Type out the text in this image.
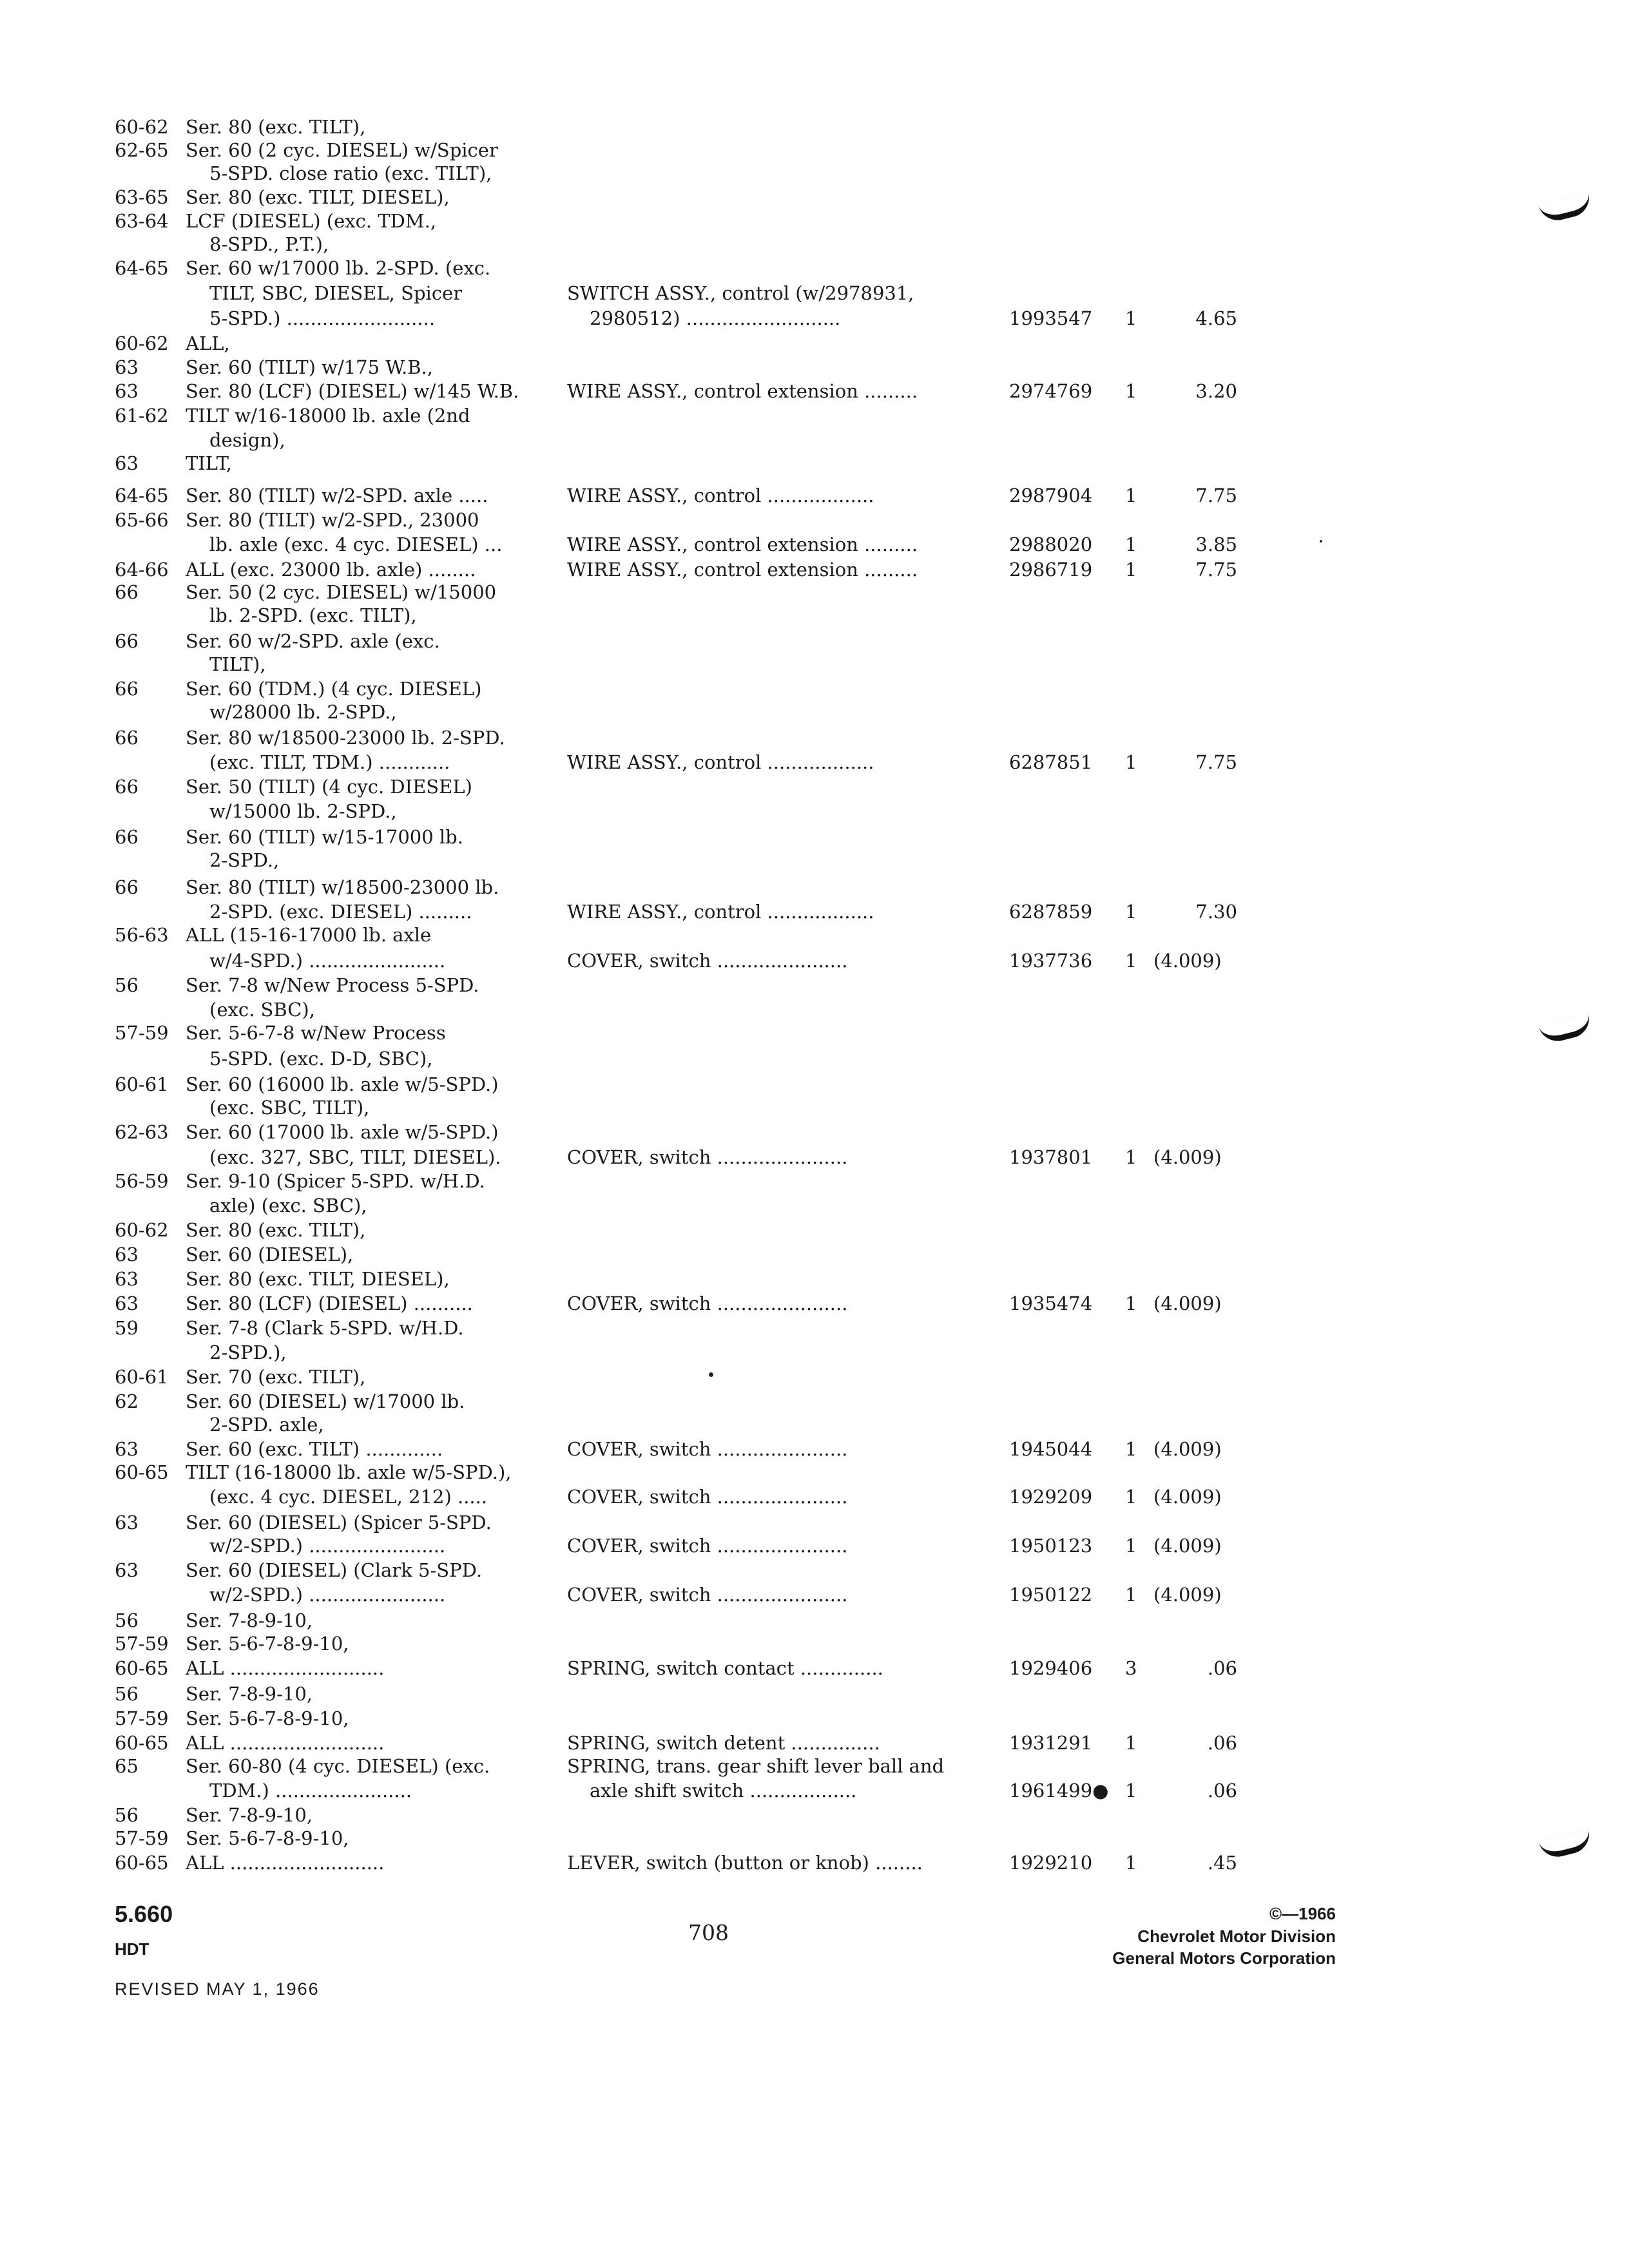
60-62 Ser. 80 (exc. TILT),
62-65 Ser. 60 (2 cyc. DIESEL) w/Spicer
5-SPD. close ratio (exc. TILT),
63-65 Ser. 80 (exc. TILT, DIESEL),
63-64 LCF (DIESEL) (exc. TDM.,
8-SPD., P.T.),
64-65 Ser. 60 w/17000 lb. 2-SPD. (exc.
TILT, SBC, DIESEL, Spicer	SWITCH ASSY., control (w/2978931,
5-SPD.) .........................	2980512) ..........................	1993547 1	4.65
60-62 ALL,
63	Ser. 60 (TILT) w/175 W.B.,
63	Ser. 80 (LCF) (DIESEL) w/145 W.B.	WIRE ASSY., control extension .........	2974769 1	3.20
61-62 TILT w/16-18000 lb. axle (2nd
design),
63	TILT,
64-65 Ser. 80 (TILT) w/2-SPD. axle .....	WIRE ASSY., control ..................	2987904 1	7.75
65-66 Ser. 80 (TILT) w/2-SPD., 23000
lb. axle (exc. 4 cyc. DIESEL) ...	WIRE ASSY., control extension .........	2988020 1	3.85
64-66 ALL (exc. 23000 lb. axle) ........	WIRE ASSY., control extension .........	2986719 1	7.75
66	Ser. 50 (2 cyc. DIESEL) w/15000
lb. 2-SPD. (exc. TILT),
66	Ser. 60 w/2-SPD. axle (exc.
TILT),
66	Ser. 60 (TDM.) (4 cyc. DIESEL)
w/28000 lb. 2-SPD.,
66	Ser. 80 w/18500-23000 lb. 2-SPD.
(exc. TILT, TDM.) ............	WIRE ASSY., control ..................	6287851 1	7.75
66	Ser. 50 (TILT) (4 cyc. DIESEL)
w/15000 lb. 2-SPD.,
66	Ser. 60 (TILT) w/15-17000 lb.
2-SPD.,
66	Ser. 80 (TILT) w/18500-23000 lb.
2-SPD. (exc. DIESEL) .........	WIRE ASSY., control ..................	6287859 1	7.30
56-63 ALL (15-16-17000 lb. axle
w/4-SPD.) .......................	COVER, switch ......................	1937736 1 (4.009)
56	Ser. 7-8 w/New Process 5-SPD.
(exc. SBC),
57-59 Ser. 5-6-7-8 w/New Process
5-SPD. (exc. D-D, SBC),
60-61 Ser. 60 (16000 lb. axle w/5-SPD.)
(exc. SBC, TILT),
62-63 Ser. 60 (17000 lb. axle w/5-SPD.)
(exc. 327, SBC, TILT, DIESEL).	COVER, switch ......................	1937801 1 (4.009)
56-59 Ser. 9-10 (Spicer 5-SPD. w/H.D.
axle) (exc. SBC),
60-62 Ser. 80 (exc. TILT),
63	Ser. 60 (DIESEL),
63	Ser. 80 (exc. TILT, DIESEL),
63	Ser. 80 (LCF) (DIESEL) ..........	COVER, switch ......................	1935474 1 (4.009)
59	Ser. 7-8 (Clark 5-SPD. w/H.D.
2-SPD.),
60-61 Ser. 70 (exc. TILT),
62	Ser. 60 (DIESEL) w/17000 lb.
2-SPD. axle,
63	Ser. 60 (exc. TILT) .............	COVER, switch ......................	1945044 1 (4.009)
60-65 TILT (16-18000 lb. axle w/5-SPD.),
(exc. 4 cyc. DIESEL, 212) .....	COVER, switch ......................	1929209 1 (4.009)
63	Ser. 60 (DIESEL) (Spicer 5-SPD.
w/2-SPD.) .......................	COVER, switch ......................	1950123 1 (4.009)
63	Ser. 60 (DIESEL) (Clark 5-SPD.
w/2-SPD.) .......................	COVER, switch ......................	1950122 1 (4.009)
56	Ser. 7-8-9-10,
57-59 Ser. 5-6-7-8-9-10,
60-65 ALL ..........................	SPRING, switch contact ..............	1929406 3	.06
56	Ser. 7-8-9-10,
57-59 Ser. 5-6-7-8-9-10,
60-65 ALL ..........................	SPRING, switch detent ...............	1931291 1	.06
65	Ser. 60-80 (4 cyc. DIESEL) (exc.	SPRING, trans. gear shift lever ball and
TDM.) .......................	axle shift switch ..................	1961499● 1	.06
56	Ser. 7-8-9-10,
57-59 Ser. 5-6-7-8-9-10,
60-65 ALL ..........................	LEVER, switch (button or knob) ........	1929210 1	.45
5.660
HDT
REVISED MAY 1, 1966
708
©—1966
Chevrolet Motor Division
General Motors Corporation
